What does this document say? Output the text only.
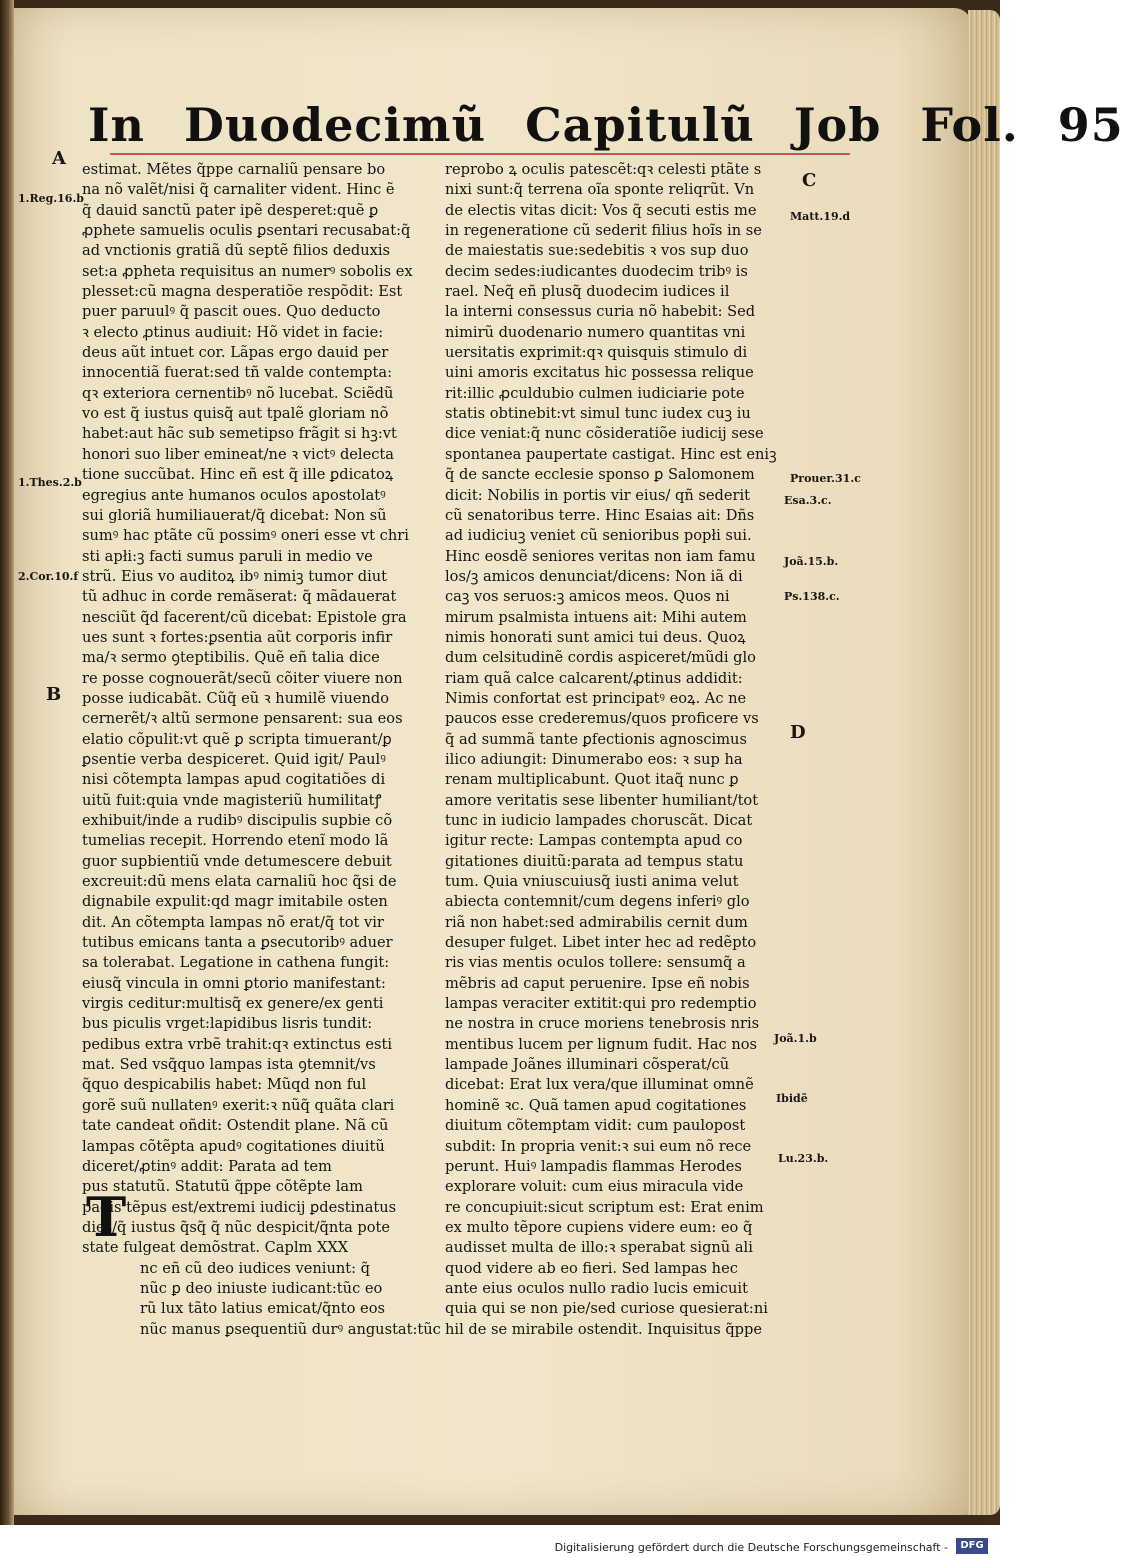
In Duodecimũ Capitulũ Job Fol. 95
A
B
C
D
1.Reg.16.b
1.Thes.2.b
2.Cor.10.f
Matt.19.d
Prouer.31.c
Esa.3.c.
Joã.15.b.
Ps.138.c.
Joã.1.b
Ibidẽ
Lu.23.b.
estimat. Mẽtes q̃ppe carnaliũ pensare bo
na nõ valẽt/nisi q̃ carnaliter vident. Hinc ẽ
q̃ dauid sanctũ pater ipẽ desperet:quẽ ꝑ
ꝓphete samuelis oculis ꝑsentari recusabat:q̃
ad vnctionis gratiã dũ septẽ filios deduxis
set:a ꝓpheta requisitus an numerꝰ sobolis ex
plesset:cũ magna desperatiõe respõdit: Est
puer paruulꝰ q̃ pascit oues. Quo deducto
ꝛ electo ꝓtinus audiuit: Hõ videt in facie:
deus aũt intuet cor. Lãpas ergo dauid per
innocentiã fuerat:sed tñ valde contempta:
qꝛ exteriora cernentibꝰ nõ lucebat. Sciẽdũ
vo est q̃ iustus quisq̃ aut tpalẽ gloriam nõ
habet:aut hãc sub semetipso frãgit si hꝫ:vt
honori suo liber emineat/ne ꝛ victꝰ delecta
tione succũbat. Hinc eñ est q̃ ille ꝑdicatoꝝ
egregius ante humanos oculos apostolatꝰ
sui gloriã humiliauerat/q̃ dicebat: Non sũ
sumꝰ hac ptãte cũ possimꝰ oneri esse vt chri
sti apłi:ꝫ facti sumus paruli in medio ve
strũ. Eius vo auditoꝝ ibꝰ nimiꝫ tumor diut
tũ adhuc in corde remãserat: q̃ mãdauerat
nesciũt q̃d facerent/cũ dicebat: Epistole gra
ues sunt ꝛ fortes:ꝑsentia aũt corporis infir
ma/ꝛ sermo ꝯteptibilis. Quẽ eñ talia dice
re posse cognouerãt/secũ cõiter viuere non
posse iudicabãt. Cũq̃ eũ ꝛ humilẽ viuendo
cernerẽt/ꝛ altũ sermone pensarent: sua eos
elatio cõpulit:vt quẽ ꝑ scripta timuerant/ꝑ
ꝑsentie verba despiceret. Quid igit/ Paulꝰ
nisi cõtempta lampas apud cogitatiões di
uitũ fuit:quia vnde magisteriũ humilitatꝭ
exhibuit/inde a rudibꝰ discipulis supbie cõ
tumelias recepit. Horrendo etenĩ modo lã
guor supbientiũ vnde detumescere debuit
excreuit:dũ mens elata carnaliũ hoc q̃si de
dignabile expulit:qd magr imitabile osten
dit. An cõtempta lampas nõ erat/q̃ tot vir
tutibus emicans tanta a ꝑsecutoribꝰ aduer
sa tolerabat. Legatione in cathena fungit:
eiusq̃ vincula in omni ꝑtorio manifestant:
virgis ceditur:multisq̃ ex genere/ex genti
bus piculis vrget:lapidibus lisris tundit:
pedibus extra vrbẽ trahit:qꝛ extinctus esti
mat. Sed vsq̃quo lampas ista ꝯtemnit/vs
q̃quo despicabilis habet: Mũqd non ful
gorẽ suũ nullatenꝰ exerit:ꝛ nũq̃ quãta clari
tate candeat oñdit: Ostendit plane. Nã cũ
lampas cõtẽpta apudꝰ cogitationes diuitũ
diceret/ꝓtinꝰ addit: Parata ad tem
pus statutũ. Statutũ q̃ppe cõtẽpte lam
padis tẽpus est/extremi iudicij ꝑdestinatus
dies/q̃ iustus q̃sq̃ q̃ nũc despicit/q̃nta pote
state fulgeat demõstrat. Caplm XXX
nc eñ cũ deo iudices veniunt: q̃
nũc ꝑ deo iniuste iudicant:tũc eo
rũ lux tãto latius emicat/q̃nto eos
nũc manus ꝑsequentiũ durꝰ angustat:tũc
reprobo ꝝ oculis patescẽt:qꝛ celesti ptãte s
nixi sunt:q̃ terrena oĩa sponte reliqrũt. Vn
de electis vitas dicit: Vos q̃ secuti estis me
in regeneratione cũ sederit filius hoĩs in se
de maiestatis sue:sedebitis ꝛ vos sup duo
decim sedes:iudicantes duodecim tribꝰ is
rael. Neq̃ eñ plusq̃ duodecim iudices il
la interni consessus curia nõ habebit: Sed
nimirũ duodenario numero quantitas vni
uersitatis exprimit:qꝛ quisquis stimulo di
uini amoris excitatus hic possessa relique
rit:illic ꝓculdubio culmen iudiciarie pote
statis obtinebit:vt simul tunc iudex cuꝫ iu
dice veniat:q̃ nunc cõsideratiõe iudicij sese
spontanea paupertate castigat. Hinc est eniꝫ
q̃ de sancte ecclesie sponso ꝑ Salomonem
dicit: Nobilis in portis vir eius/ qñ sederit
cũ senatoribus terre. Hinc Esaias ait: Dñs
ad iudiciuꝫ veniet cũ senioribus popłi sui.
Hinc eosdẽ seniores veritas non iam famu
los/ꝫ amicos denunciat/dicens: Non iã di
caꝫ vos seruos:ꝫ amicos meos. Quos ni
mirum psalmista intuens ait: Mihi autem
nimis honorati sunt amici tui deus. Quoꝝ
dum celsitudinẽ cordis aspiceret/mũdi glo
riam quã calce calcarent/ꝓtinus addidit:
Nimis confortat est principatꝰ eoꝝ. Ac ne
paucos esse crederemus/quos proficere vs
q̃ ad summã tante ꝑfectionis agnoscimus
ilico adiungit: Dinumerabo eos: ꝛ sup ha
renam multiplicabunt. Quot itaq̃ nunc ꝑ
amore veritatis sese libenter humiliant/tot
tunc in iudicio lampades choruscãt. Dicat
igitur recte: Lampas contempta apud co
gitationes diuitũ:parata ad tempus statu
tum. Quia vniuscuiusq̃ iusti anima velut
abiecta contemnit/cum degens inferiꝰ glo
riã non habet:sed admirabilis cernit dum
desuper fulget. Libet inter hec ad redẽpto
ris vias mentis oculos tollere: sensumq̃ a
mẽbris ad caput peruenire. Ipse eñ nobis
lampas veraciter extitit:qui pro redemptio
ne nostra in cruce moriens tenebrosis nris
mentibus lucem per lignum fudit. Hac nos
lampade Joãnes illuminari cõsperat/cũ
dicebat: Erat lux vera/que illuminat omnẽ
hominẽ ꝛc. Quã tamen apud cogitationes
diuitum cõtemptam vidit: cum paulopost
subdit: In propria venit:ꝛ sui eum nõ rece
perunt. Huiꝰ lampadis flammas Herodes
explorare voluit: cum eius miracula vide
re concupiuit:sicut scriptum est: Erat enim
ex multo tẽpore cupiens videre eum: eo q̃
audisset multa de illo:ꝛ sperabat signũ ali
quod videre ab eo fieri. Sed lampas hec
ante eius oculos nullo radio lucis emicuit
quia qui se non pie/sed curiose quesierat:ni
hil de se mirabile ostendit. Inquisitus q̃ppe
T
Digitalisierung gefördert durch die Deutsche Forschungsgemeinschaft -	DFG
